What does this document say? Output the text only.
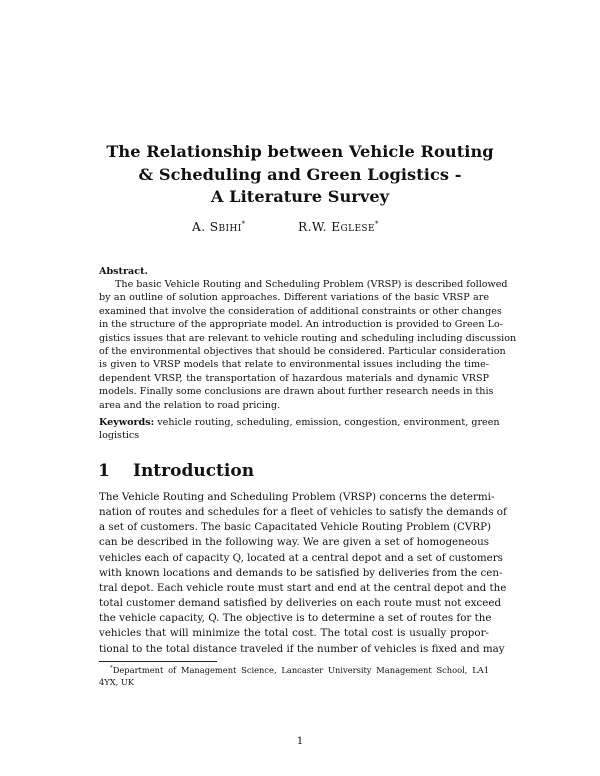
The Relationship between Vehicle Routing
& Scheduling and Green Logistics -
A Literature Survey
A. Sbihi*	R.W. Eglese*
Abstract.
The basic Vehicle Routing and Scheduling Problem (VRSP) is described followed
by an outline of solution approaches. Different variations of the basic VRSP are
examined that involve the consideration of additional constraints or other changes
in the structure of the appropriate model. An introduction is provided to Green Lo-
gistics issues that are relevant to vehicle routing and scheduling including discussion
of the environmental objectives that should be considered. Particular consideration
is given to VRSP models that relate to environmental issues including the time-
dependent VRSP, the transportation of hazardous materials and dynamic VRSP
models. Finally some conclusions are drawn about further research needs in this
area and the relation to road pricing.
Keywords: vehicle routing, scheduling, emission, congestion, environment, green
logistics
1 Introduction
The Vehicle Routing and Scheduling Problem (VRSP) concerns the determi-
nation of routes and schedules for a fleet of vehicles to satisfy the demands of
a set of customers. The basic Capacitated Vehicle Routing Problem (CVRP)
can be described in the following way. We are given a set of homogeneous
vehicles each of capacity Q, located at a central depot and a set of customers
with known locations and demands to be satisfied by deliveries from the cen-
tral depot. Each vehicle route must start and end at the central depot and the
total customer demand satisfied by deliveries on each route must not exceed
the vehicle capacity, Q. The objective is to determine a set of routes for the
vehicles that will minimize the total cost. The total cost is usually propor-
tional to the total distance traveled if the number of vehicles is fixed and may
*Department of Management Science, Lancaster University Management School, LA1
4YX, UK
1
